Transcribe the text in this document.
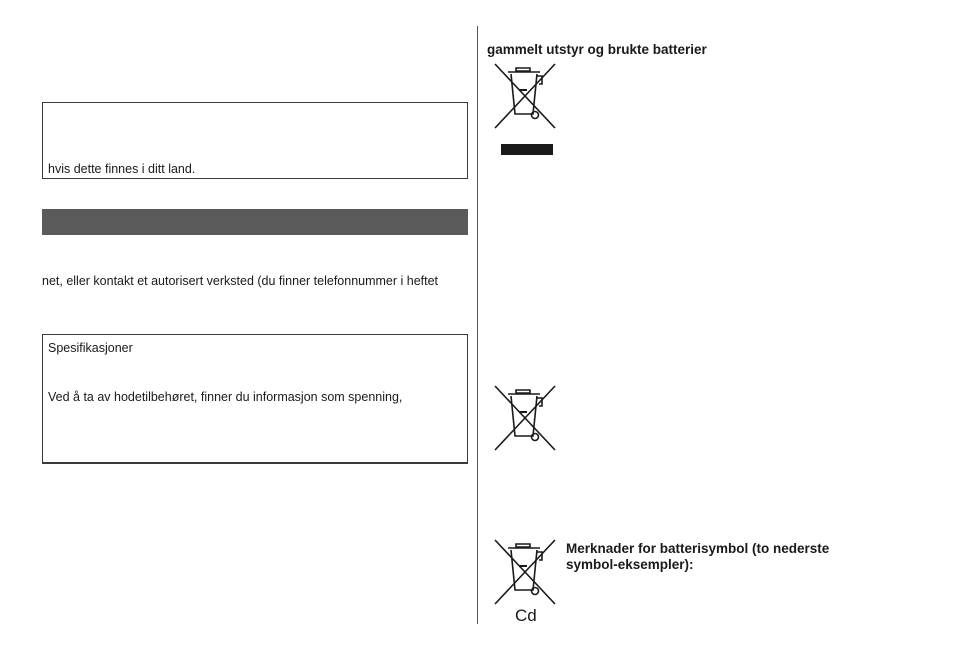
hvis dette finnes i ditt land.
net, eller kontakt et autorisert verksted (du finner telefonnummer i heftet
Spesifikasjoner
Ved å ta av hodetilbehøret, finner du informasjon som spenning,
gammelt utstyr og brukte batterier
Cd
Merknader for batterisymbol (to nederste
symbol-eksempler):
